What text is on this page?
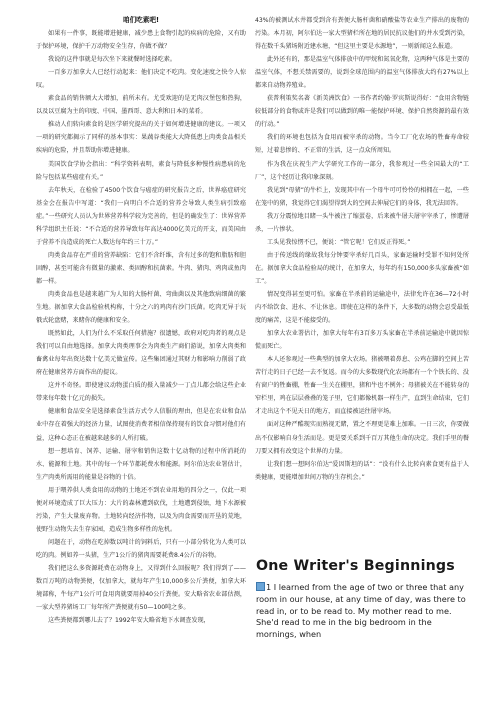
咱们吃素吧!

如果有一件事，既能增进健康，减少患上食物引起的疾病的危险，又有助于保护环境，保护千万动物安全生存，你做不做？

我说的这件事就是每次坐下来就餐时选择吃素。

一百多万加拿大人已经行动起来：他们决定不吃肉。变化速度之快令人惊叹。

素食品的销售额大大增加，前所未有。尤受欢迎的是无肉汉堡包和热狗，以及以豆腐为主的印度、中国、墨西哥、意大利和日本的菜肴。

推动人们转向素食的是医学研究提出的关于如何增进健康的建议。一项又一项的研究都揭示了同样的基本事实：果蔬谷类能大大降低患上肉类食品相关疾病的危险，并且帮助你增进健康。

美国饮食学协会指出：“科学资料表明，素食与降低多种慢性病患病的危险与包括某些癌症有关。”

去年秋天，在检验了4500个饮食与癌症的研究报告之后，世界癌症研究基金会在报告中写道：“我们一向明白不合适的营养会导致人类生病引致癌症。”一些研究人员认为世界营养科学较为完善的，但是的确发生了：世界营养科学组织主任说：“不合适的营养导致每年高达4000亿美元的开支，而美国由于营养不良造成的死亡人数达每年约三十万。”

肉类食品存在严重的营养缺陷：它们不含纤维，含有过多的饱和脂肪和胆固醇，甚至可能含有微量的激素、类固醇和抗菌素。牛肉、猪肉、鸡肉或鱼肉都一样。

肉类食品也是越来越广为人知的大肠杆菌、弯曲菌以及其他致病细菌的繁生地。据加拿大食品检验机构称，十分之六的鸡肉有沙门氏菌。吃肉无异于玩俄式轮盘赌，来赌你的健康和安全。

既然如此，人们为什么不采取任何措施？很遗憾，政府对吃肉者的观点是我们可以自由地选择。加拿大肉类理事会为肉类生产商们游说，加拿大肉类和畜禽业每年出资达数十亿美元做宣传。这些集团通过其财力和影响力削弱了政府在健康营养方面作出的提议。

这并不奇怪。即使建议动物蛋白质的摄入量减少一丁点儿都会给这些企业带来每年数十亿元的损失。

健康和食品安全是选择素食生活方式令人信服的理由，但是在农业和食品业中存在着强大的经济力量，试图使消费者相信保持现有的饮食习惯对他们有益，这种心态正在被越来越多的人所打破。

想一想培育、饲养、运输、屠宰和销售这数十亿动物的过程中所消耗的水、能源和土地。其中的每一个环节都耗费水和能源。阿尔伯达农业署估计，生产肉类所需用的能量是谷物的十倍。

用于喂养供人类食用的动物的土地还不到农业用地的四分之一，仅此一项便对环境造成了巨大压力：大片的森林遭到砍伐，土地遭到侵蚀，地下水源被污染，产生大量废弃物。土地转向经济作物，以及为肉食需要而开垦的荒地，使野生动物失去生存家园，造成生物多样性的危机。

问题在于，动物在吃掉数以吨计的饲料后，只有一小部分转化为人类可以吃的肉。例如养一头猪，生产1公斤的猪肉需要耗费8.4公斤的谷物。

我们把这么多资源耗费在动物身上，又得到什么回报呢？我们得到了——数百万吨的动物粪便，仅加拿大，就每年产生10,000多公斤粪便，加拿大环境部称，牛每产1公斤可食用肉就要用掉40公斤粪便。安大略省农业部估测，一家大型养猪场工厂每年所产粪便就有50—100吨之多。

这些粪便都到哪儿去了？1992年安大略省地下水调查发现，

43%的被测试水井都受到含有粪便大肠杆菌和硝酸盐等农业生产排出的废物的污染。本月初，阿尔伯达一家大型猪栏所在地的居民抗议他们的井水受到污染，得在数千头猪场附近建水塘，“但这里主要是水源地”，一则新闻这么报道。

此外还有的，那是温室气体排放中的甲烷和氮氧化物，这两种气体是主要的温室气体，不想关禁需要的，说到全球范围内的温室气体排放大约有27%以上都来自动物养殖业。

获普利策奖名著《新美洲饮食》一书作者约翰·罗宾斯说得好：“食用含物链较低部分的食物或许是我们可以做到的唯一能保护环境、保护自然资源的最有效的行动。”

我们的环境也包括为食用而被宰杀的动物。当今工厂化农场的牲畜寿命较短，过着悲惨的、不正常的生活，这一点众所周知。

作为我在庆祝生产大学研究工作的一部分，我参观过一些全国最大的“工厂”，这个经历让我印象深刻。

我见到“母猪”的牛栏上，发现其中有一个母牛可可怜怜的相拥在一起，一些在笼中的猪，我觉得它们渴望得到大的空间去伸展它们的身体，我无法回答。

我万分震惊地目睹一头牛被注了缩蛋卷，后来被牛屠夫屠宰宰杀了，惨遭屠杀，一片惨状。

工头见我惊愣不已，便说：“管它呢！它们反正得死。”

由于传送线的缘故我每分钟要宰杀好几百头，家畜运输时受罪不知何处所在。据加拿大食品检验局的统计，在加拿大，每年约有150,000多头家畜被“如工”。

情况变得甚至更可怕。家畜在半杀前的运输途中，法律允许在36—72小时内不给饮食、进水、不让休息。即使在这样的条件下，大多数的动物会忍受最低度的痛苦，这是不能接受的。

加拿大农业署估计，加拿大每年有3百多万头家畜在半杀前运输途中就因惊慌而死亡。

本人还参观过一些典型的加拿大农场。猪被喂着鼻息、公鸡在脚的空间上苦苦行走的日子已经一去不复返。而今的大多数现代化农场都有一个个铁长的、没有窗户的牲畜棚，牲畜一生关在棚里，猪和牛也不例外；母猪被关在不能转身的窄栏里，鸡在层层叠叠的笼子里，它们都像机器一样生产，直到生命结束，它们才走出这个不见天日的地方，而直接被运往屠宰场。

面对这种严酷现实而熟视无睹，置之不理更是难上加难。一日三次，你要做出不仅影响自身生活而是。更是要关系到千百万其他生命的决定。我们手里的餐刀要又拥有改变这个世界的力量。

让我们想一想阿尔伯达“爱因斯坦的话”：“没有什么比转向素食更有益于人类健康，更能增加世间万物的生存机会。”

One Writer's Beginnings
1 I learned from the age of two or three that any room in our house, at any time of day, was there to read in, or to be read to. My mother read to me. She'd read to me in the big bedroom in the mornings, when
